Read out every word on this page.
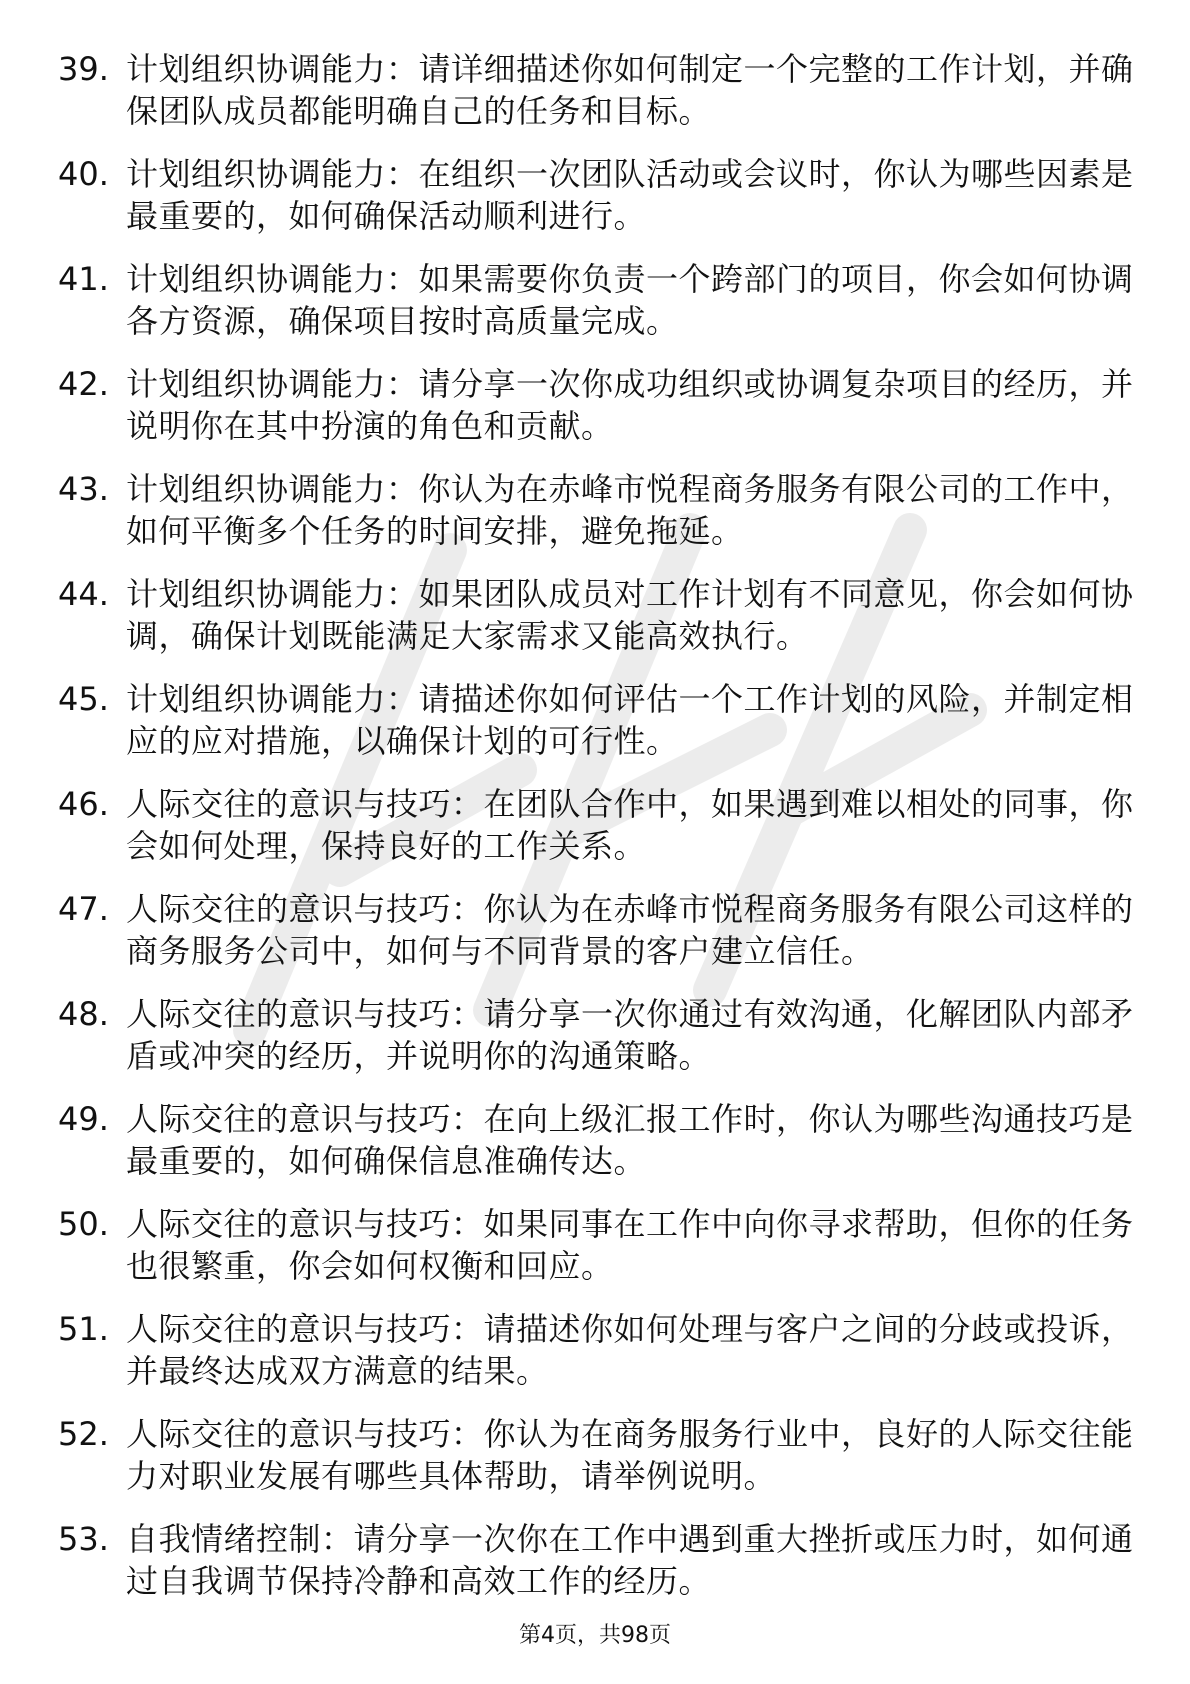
39. 计划组织协调能力：请详细描述你如何制定一个完整的工作计划，并确保团队成员都能明确自己的任务和目标。
40. 计划组织协调能力：在组织一次团队活动或会议时，你认为哪些因素是最重要的，如何确保活动顺利进行。
41. 计划组织协调能力：如果需要你负责一个跨部门的项目，你会如何协调各方资源，确保项目按时高质量完成。
42. 计划组织协调能力：请分享一次你成功组织或协调复杂项目的经历，并说明你在其中扮演的角色和贡献。
43. 计划组织协调能力：你认为在赤峰市悦程商务服务有限公司的工作中，如何平衡多个任务的时间安排，避免拖延。
44. 计划组织协调能力：如果团队成员对工作计划有不同意见，你会如何协调，确保计划既能满足大家需求又能高效执行。
45. 计划组织协调能力：请描述你如何评估一个工作计划的风险，并制定相应的应对措施，以确保计划的可行性。
46. 人际交往的意识与技巧：在团队合作中，如果遇到难以相处的同事，你会如何处理，保持良好的工作关系。
47. 人际交往的意识与技巧：你认为在赤峰市悦程商务服务有限公司这样的商务服务公司中，如何与不同背景的客户建立信任。
48. 人际交往的意识与技巧：请分享一次你通过有效沟通，化解团队内部矛盾或冲突的经历，并说明你的沟通策略。
49. 人际交往的意识与技巧：在向上级汇报工作时，你认为哪些沟通技巧是最重要的，如何确保信息准确传达。
50. 人际交往的意识与技巧：如果同事在工作中向你寻求帮助，但你的任务也很繁重，你会如何权衡和回应。
51. 人际交往的意识与技巧：请描述你如何处理与客户之间的分歧或投诉，并最终达成双方满意的结果。
52. 人际交往的意识与技巧：你认为在商务服务行业中，良好的人际交往能力对职业发展有哪些具体帮助，请举例说明。
53. 自我情绪控制：请分享一次你在工作中遇到重大挫折或压力时，如何通过自我调节保持冷静和高效工作的经历。
第4页，共98页
